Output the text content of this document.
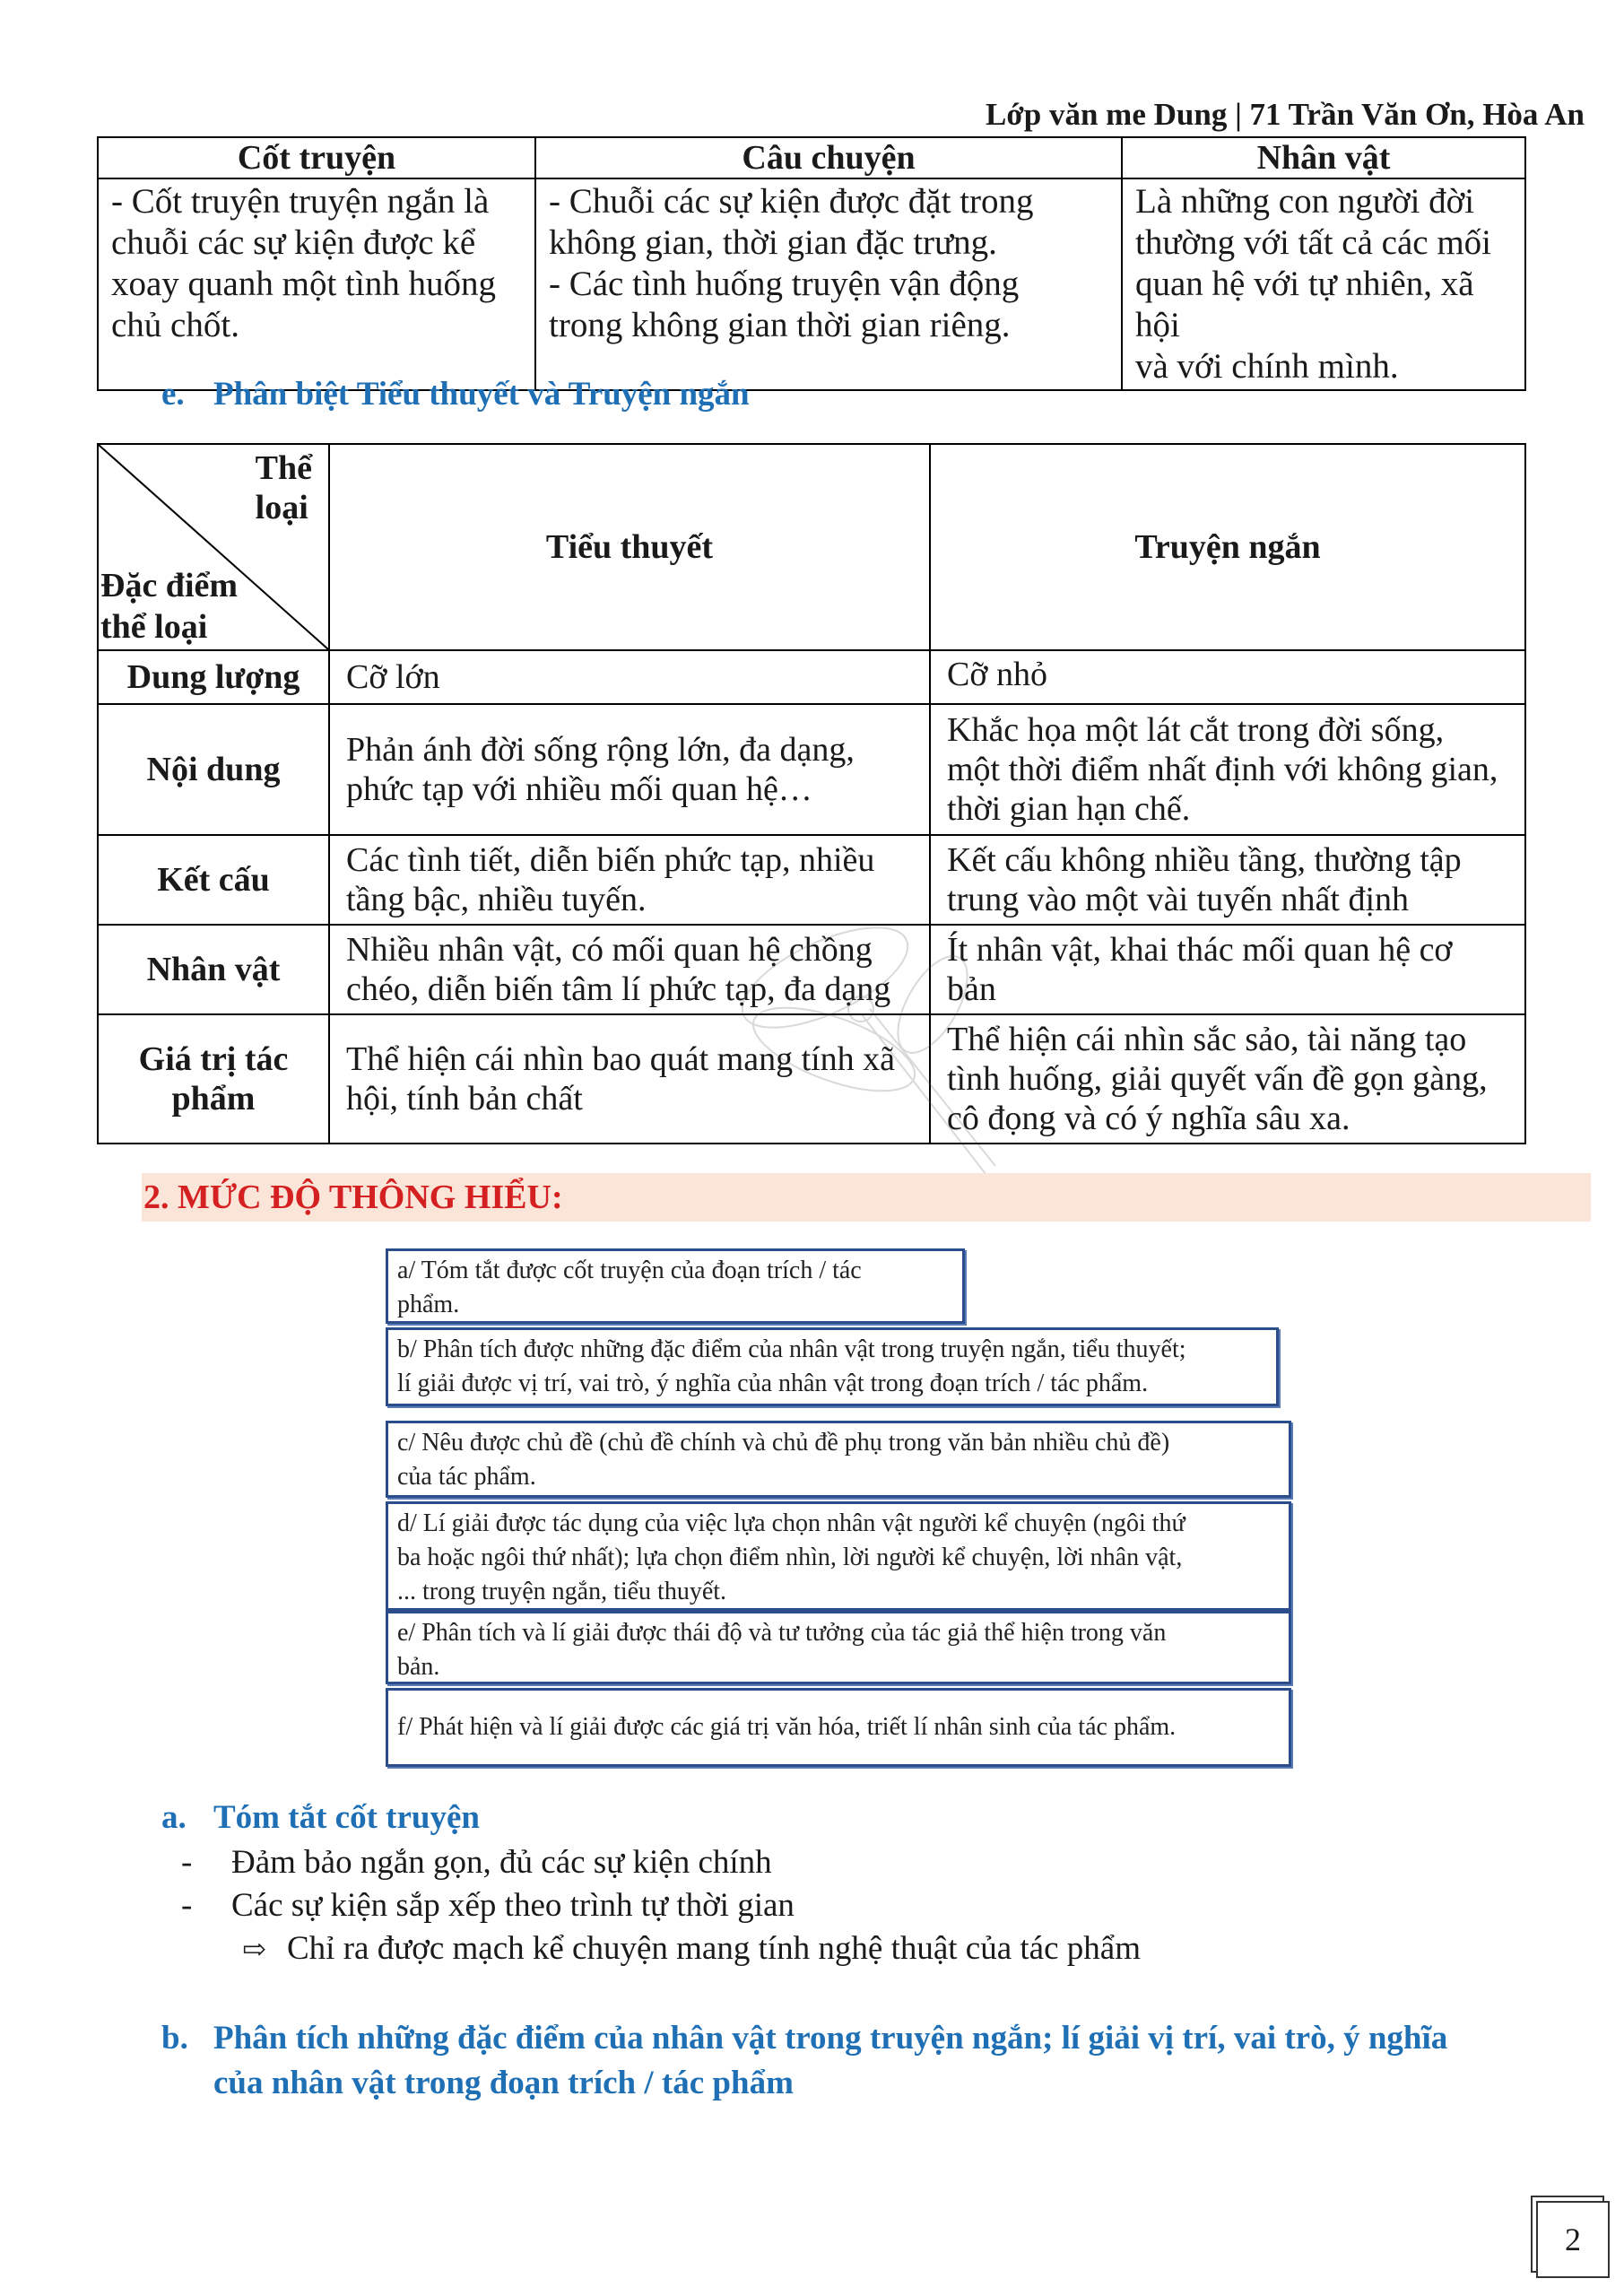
Lớp văn me Dung | 71 Trần Văn Ơn, Hòa An
Cốt truyện	Câu chuyện	Nhân vật

- Cốt truyện truyện ngắn là
chuỗi các sự kiện được kể
xoay quanh một tình huống
chủ chốt.	- Chuỗi các sự kiện được đặt trong
không gian, thời gian đặc trưng.
- Các tình huống truyện vận động
trong không gian thời gian riêng.	Là những con người đời
thường với tất cả các mối
quan hệ với tự nhiên, xã hội
và với chính mình.
e. Phân biệt Tiểu thuyết và Truyện ngắn
Thể
loại
Đặc điểm
thể loại	Tiểu thuyết	Truyện ngắn
Dung lượng	Cỡ lớn	Cỡ nhỏ
Nội dung	Phản ánh đời sống rộng lớn, đa dạng,
phức tạp với nhiều mối quan hệ…	Khắc họa một lát cắt trong đời sống,
một thời điểm nhất định với không gian,
thời gian hạn chế.

Kết cấu	Các tình tiết, diễn biến phức tạp, nhiều
tầng bậc, nhiều tuyến.	Kết cấu không nhiều tầng, thường tập
trung vào một vài tuyến nhất định

Nhân vật	Nhiều nhân vật, có mối quan hệ chồng
chéo, diễn biến tâm lí phức tạp, đa dạng	Ít nhân vật, khai thác mối quan hệ cơ
bản

Giá trị tác
phẩm	Thể hiện cái nhìn bao quát mang tính xã
hội, tính bản chất	Thể hiện cái nhìn sắc sảo, tài năng tạo
tình huống, giải quyết vấn đề gọn gàng,
cô đọng và có ý nghĩa sâu xa.
2. MỨC ĐỘ THÔNG HIỂU:
a/ Tóm tắt được cốt truyện của đoạn trích / tác
phẩm.
b/ Phân tích được những đặc điểm của nhân vật trong truyện ngắn, tiểu thuyết;
lí giải được vị trí, vai trò, ý nghĩa của nhân vật trong đoạn trích / tác phẩm.
c/ Nêu được chủ đề (chủ đề chính và chủ đề phụ trong văn bản nhiều chủ đề)
của tác phẩm.
d/ Lí giải được tác dụng của việc lựa chọn nhân vật người kể chuyện (ngôi thứ
ba hoặc ngôi thứ nhất); lựa chọn điểm nhìn, lời người kể chuyện, lời nhân vật,
... trong truyện ngắn, tiểu thuyết.
e/ Phân tích và lí giải được thái độ và tư tưởng của tác giả thể hiện trong văn
bản.
f/ Phát hiện và lí giải được các giá trị văn hóa, triết lí nhân sinh của tác phẩm.
a. Tóm tắt cốt truyện
- Đảm bảo ngắn gọn, đủ các sự kiện chính
- Các sự kiện sắp xếp theo trình tự thời gian
⇨ Chỉ ra được mạch kể chuyện mang tính nghệ thuật của tác phẩm
b. Phân tích những đặc điểm của nhân vật trong truyện ngắn; lí giải vị trí, vai trò, ý nghĩa
của nhân vật trong đoạn trích / tác phẩm
2
